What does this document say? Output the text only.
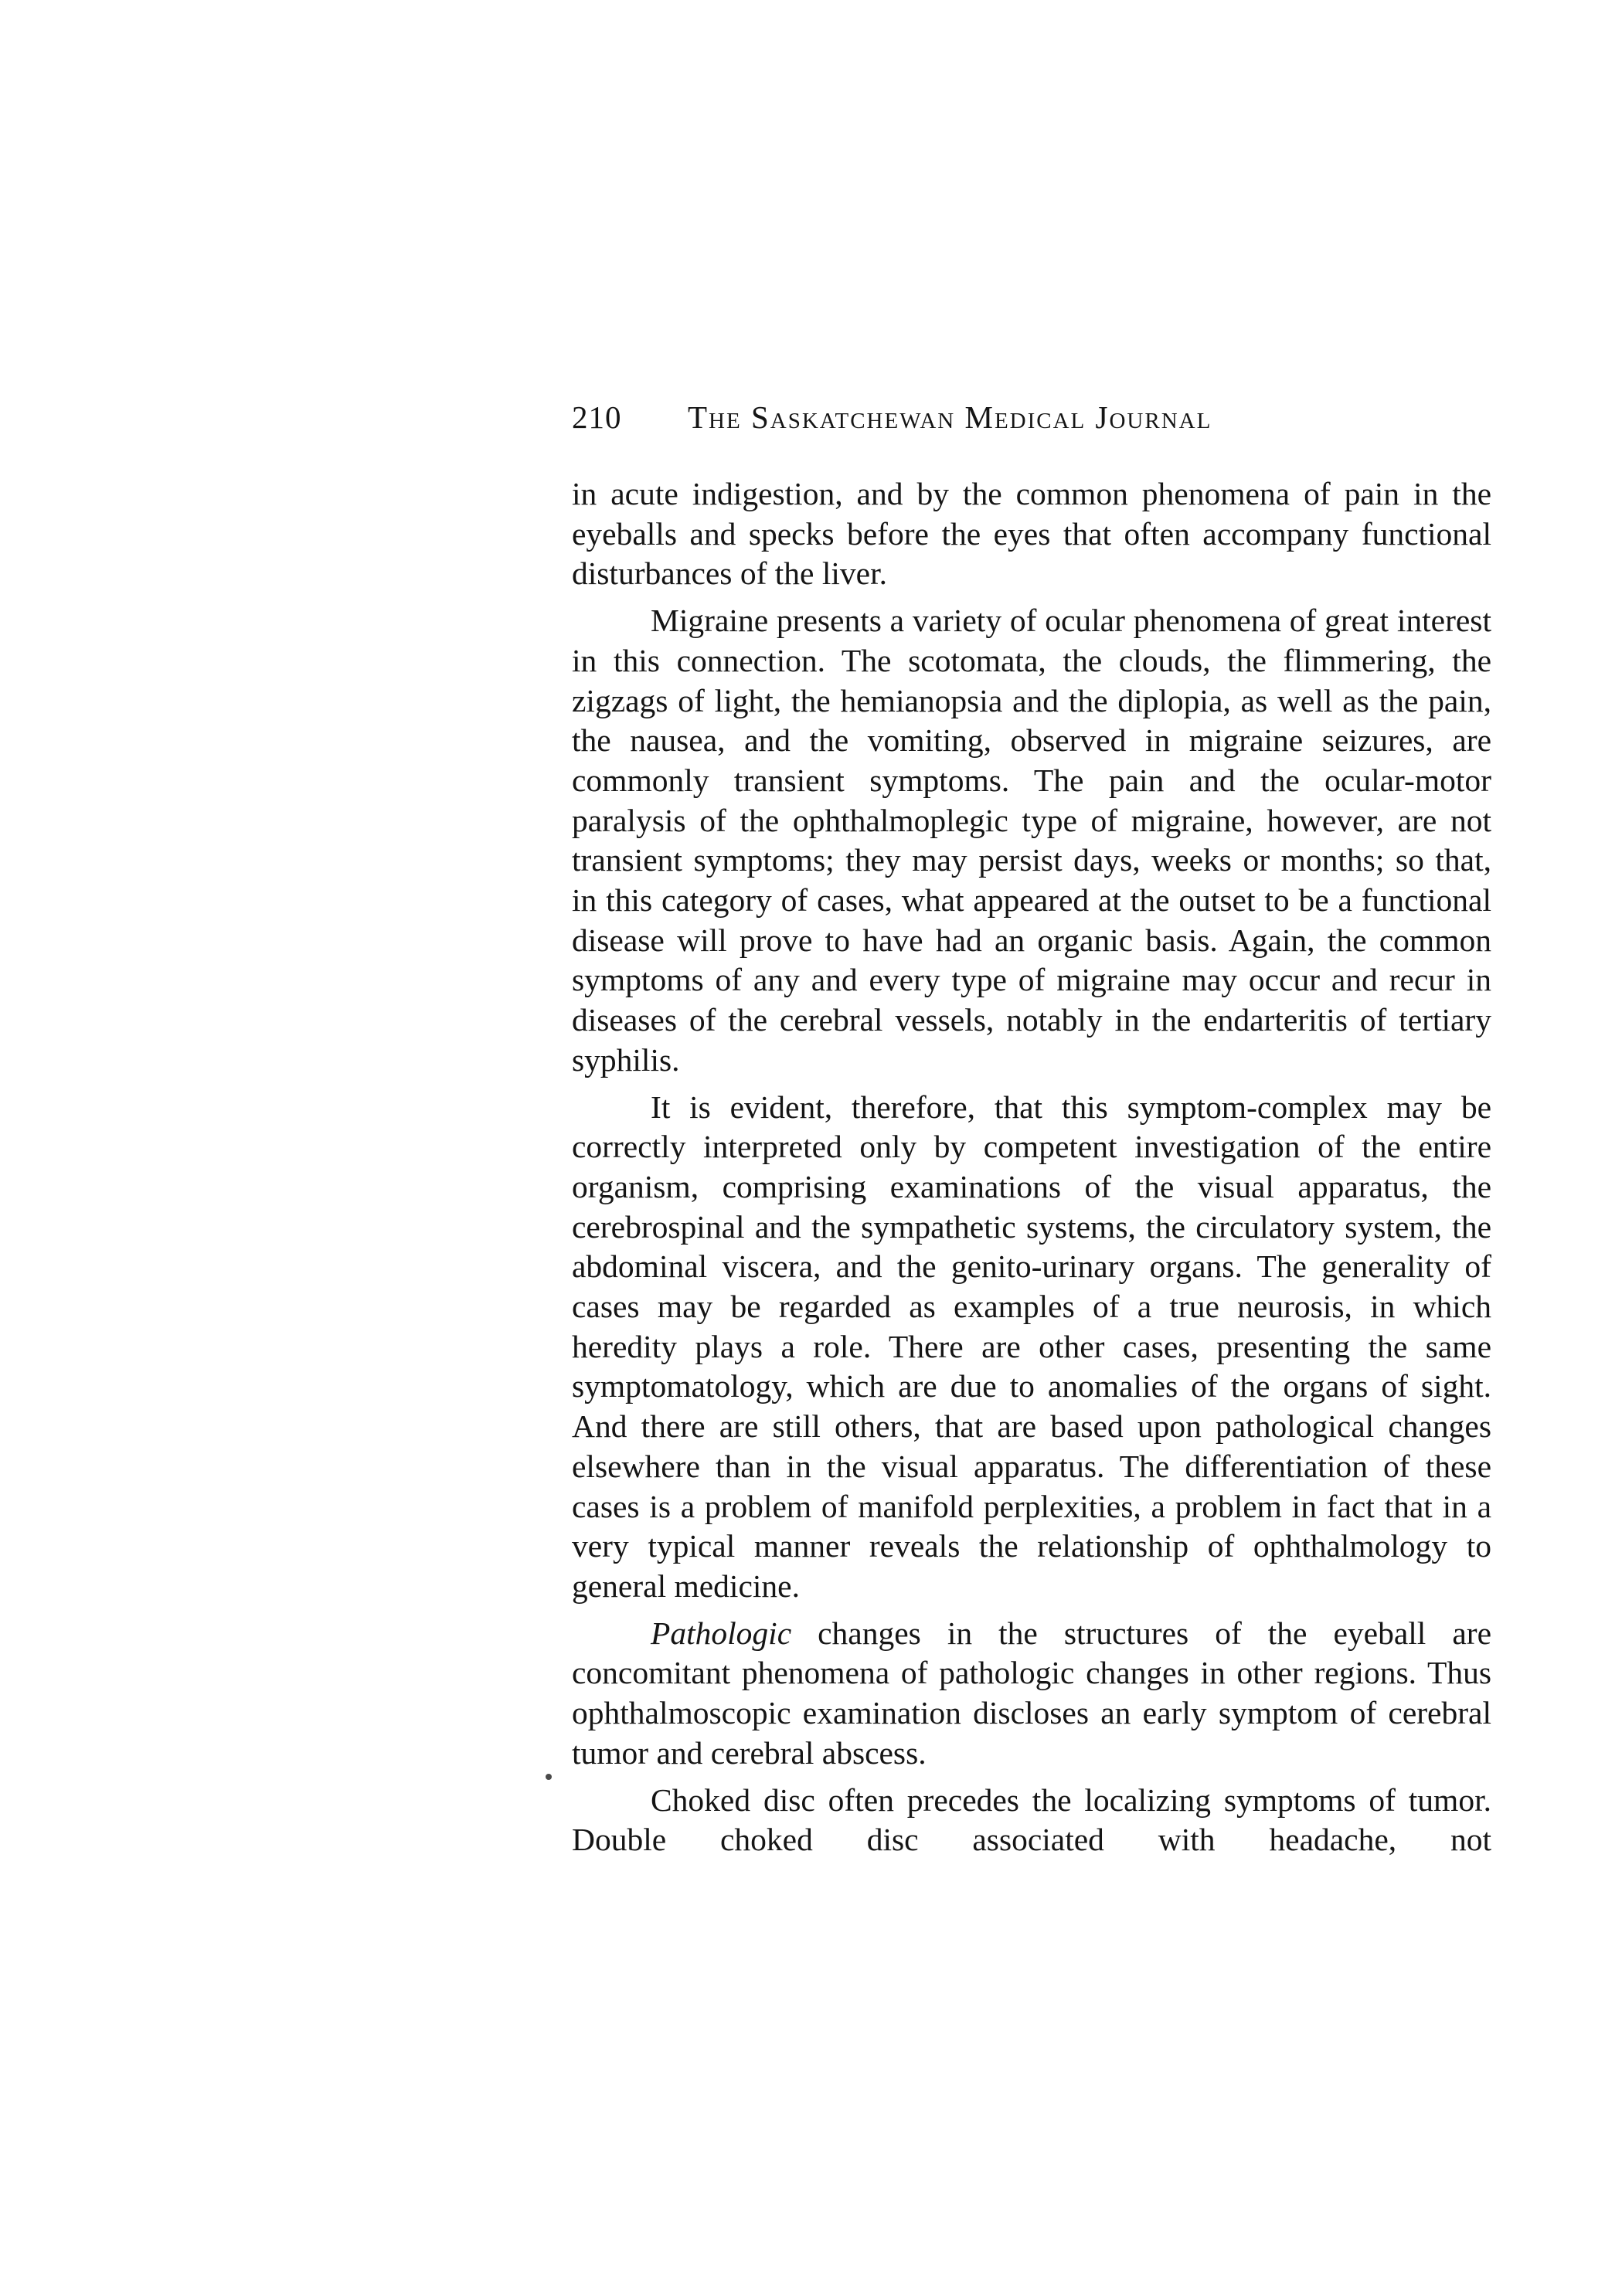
210 The Saskatchewan Medical Journal

in acute indigestion, and by the common phenomena of pain in the eyeballs and specks before the eyes that often accompany functional disturbances of the liver.

Migraine presents a variety of ocular phenomena of great interest in this connection. The scotomata, the clouds, the flimmering, the zigzags of light, the hemianopsia and the diplopia, as well as the pain, the nausea, and the vomiting, observed in migraine seizures, are commonly transient symptoms. The pain and the ocular-motor paralysis of the ophthalmoplegic type of migraine, however, are not transient symptoms; they may persist days, weeks or months; so that, in this category of cases, what appeared at the outset to be a functional disease will prove to have had an organic basis. Again, the common symptoms of any and every type of migraine may occur and recur in diseases of the cerebral vessels, notably in the endarteritis of tertiary syphilis.

It is evident, therefore, that this symptom-complex may be correctly interpreted only by competent investigation of the entire organism, comprising examinations of the visual apparatus, the cerebrospinal and the sympathetic systems, the circulatory system, the abdominal viscera, and the genito-urinary organs. The generality of cases may be regarded as examples of a true neurosis, in which heredity plays a role. There are other cases, presenting the same symptomatology, which are due to anomalies of the organs of sight. And there are still others, that are based upon pathological changes elsewhere than in the visual apparatus. The differentiation of these cases is a problem of manifold perplexities, a problem in fact that in a very typical manner reveals the relationship of ophthalmology to general medicine.

Pathologic changes in the structures of the eyeball are concomitant phenomena of pathologic changes in other regions. Thus ophthalmoscopic examination discloses an early symptom of cerebral tumor and cerebral abscess.

Choked disc often precedes the localizing symptoms of tumor. Double choked disc associated with headache, not
